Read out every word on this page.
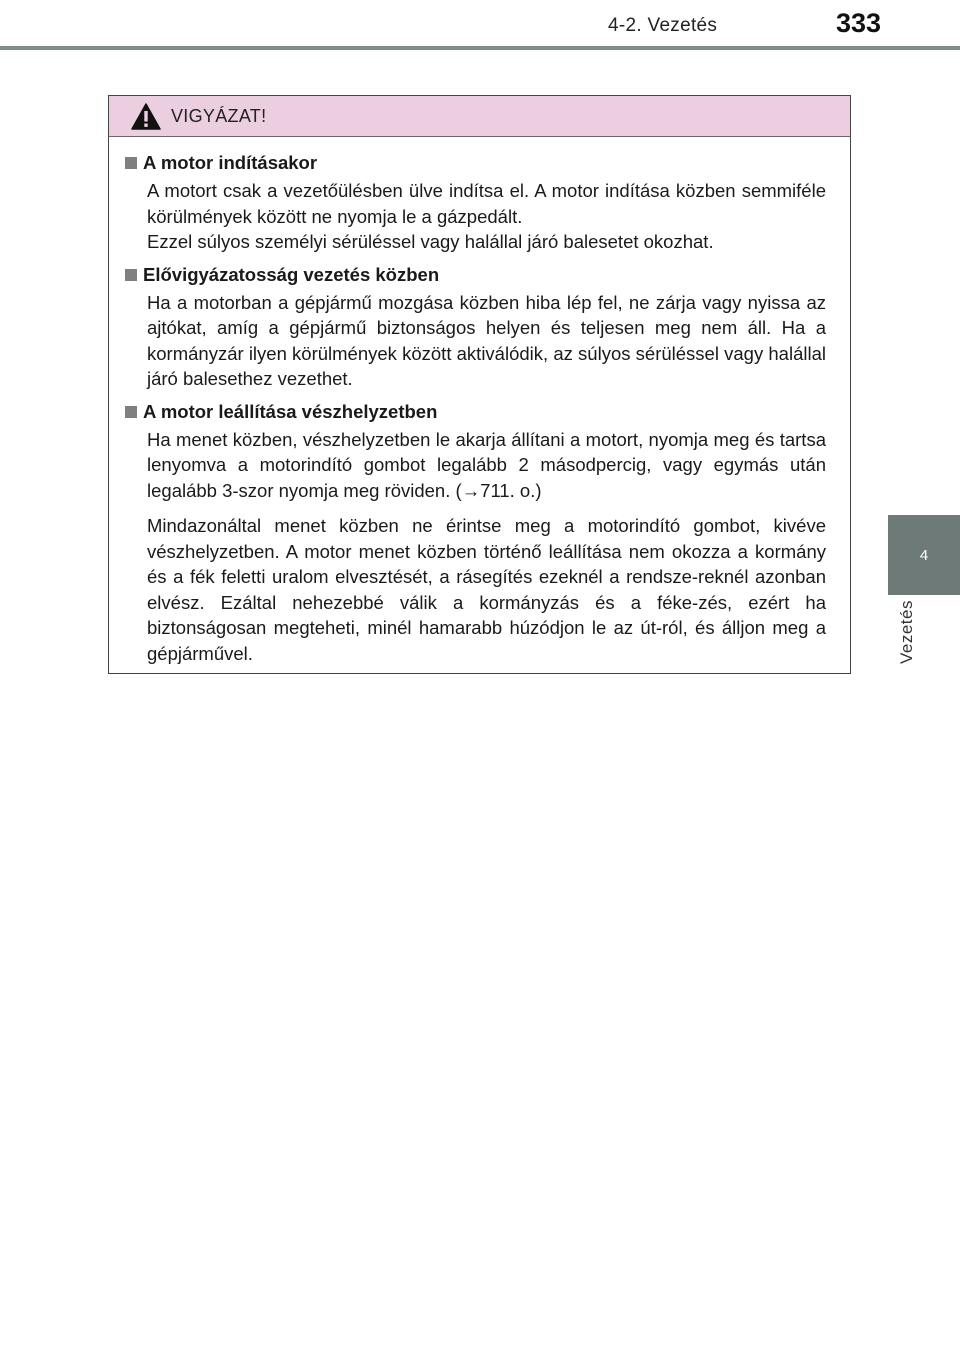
4-2. Vezetés	333
4
Vezetés
VIGYÁZAT!
A motor indításakor

A motort csak a vezetőülésben ülve indítsa el. A motor indítása közben semmiféle körülmények között ne nyomja le a gázpedált.

Ezzel súlyos személyi sérüléssel vagy halállal járó balesetet okozhat.

Elővigyázatosság vezetés közben

Ha a motorban a gépjármű mozgása közben hiba lép fel, ne zárja vagy nyissa az ajtókat, amíg a gépjármű biztonságos helyen és teljesen meg nem áll. Ha a kormányzár ilyen körülmények között aktiválódik, az súlyos sérüléssel vagy halállal járó balesethez vezethet.

A motor leállítása vészhelyzetben

Ha menet közben, vészhelyzetben le akarja állítani a motort, nyomja meg és tartsa lenyomva a motorindító gombot legalább 2 másodpercig, vagy egymás után legalább 3-szor nyomja meg röviden. (→711. o.)

Mindazonáltal menet közben ne érintse meg a motorindító gombot, kivéve vészhelyzetben. A motor menet közben történő leállítása nem okozza a kormány és a fék feletti uralom elvesztését, a rásegítés ezeknél a rendsze-reknél azonban elvész. Ezáltal nehezebbé válik a kormányzás és a féke-zés, ezért ha biztonságosan megteheti, minél hamarabb húzódjon le az út-ról, és álljon meg a gépjárművel.
